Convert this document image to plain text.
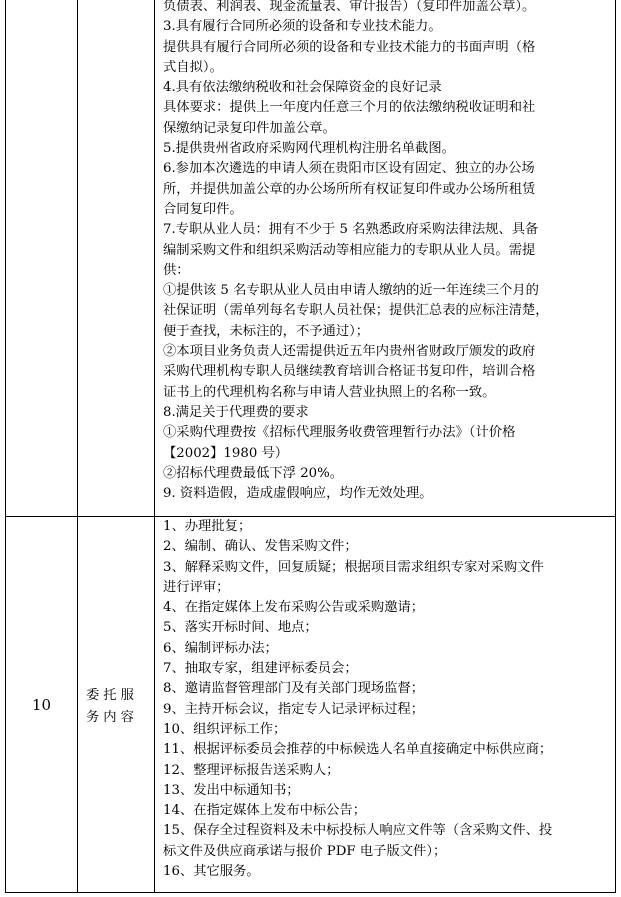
负债表、利润表、现金流量表、审计报告）（复印件加盖公章）。
3.具有履行合同所必须的设备和专业技术能力。
提供具有履行合同所必须的设备和专业技术能力的书面声明（格
式自拟）。
4.具有依法缴纳税收和社会保障资金的良好记录
具体要求：提供上一年度内任意三个月的依法缴纳税收证明和社
保缴纳记录复印件加盖公章。
5.提供贵州省政府采购网代理机构注册名单截图。
6.参加本次遴选的申请人须在贵阳市区设有固定、独立的办公场
所，并提供加盖公章的办公场所所有权证复印件或办公场所租赁
合同复印件。
7.专职从业人员：拥有不少于 5 名熟悉政府采购法律法规、具备
编制采购文件和组织采购活动等相应能力的专职从业人员。需提
供：
①提供该 5 名专职从业人员由申请人缴纳的近一年连续三个月的
社保证明（需单列每名专职人员社保；提供汇总表的应标注清楚，
便于查找，未标注的，不予通过）；
②本项目业务负责人还需提供近五年内贵州省财政厅颁发的政府
采购代理机构专职人员继续教育培训合格证书复印件，培训合格
证书上的代理机构名称与申请人营业执照上的名称一致。
8.满足关于代理费的要求
①采购代理费按《招标代理服务收费管理暂行办法》（计价格
【2002】1980 号）
②招标代理费最低下浮 20%。
9. 资料造假，造成虚假响应，均作无效处理。
10
委托服务内容
1、办理批复；
2、编制、确认、发售采购文件；
3、解释采购文件，回复质疑；根据项目需求组织专家对采购文件
进行评审；
4、在指定媒体上发布采购公告或采购邀请；
5、落实开标时间、地点；
6、编制评标办法；
7、抽取专家，组建评标委员会；
8、邀请监督管理部门及有关部门现场监督；
9、主持开标会议，指定专人记录评标过程；
10、组织评标工作；
11、根据评标委员会推荐的中标候选人名单直接确定中标供应商；
12、整理评标报告送采购人；
13、发出中标通知书；
14、在指定媒体上发布中标公告；
15、保存全过程资料及未中标投标人响应文件等（含采购文件、投
标文件及供应商承诺与报价 PDF 电子版文件）；
16、其它服务。
